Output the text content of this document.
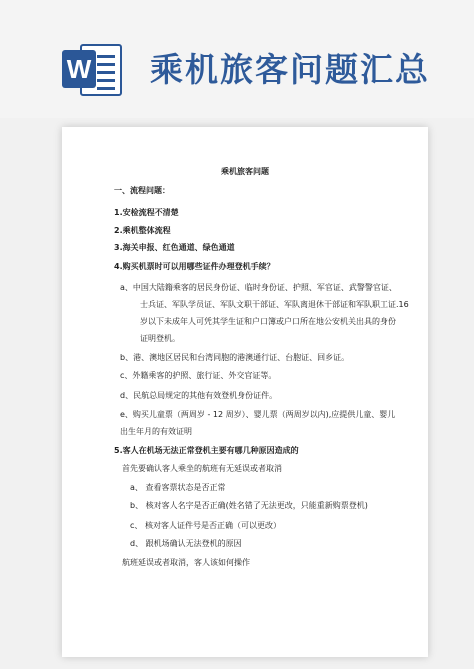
W 乘机旅客问题汇总
乘机旅客问题
一、流程问题：
1.安检流程不清楚
2.乘机整体流程
3.海关申报、红色通道、绿色通道
4.购买机票时可以用哪些证件办理登机手续？
a、中国大陆籍乘客的居民身份证、临时身份证、护照、军官证、武警警官证、
士兵证、军队学员证、军队文职干部证、军队离退休干部证和军队职工证.16
岁以下未成年人可凭其学生证和户口簿或户口所在地公安机关出具的身份
证明登机。
b、港、澳地区居民和台湾同胞的港澳通行证、台胞证、回乡证。
c、外籍乘客的护照、旅行证、外交官证等。
d、民航总局规定的其他有效登机身份证件。
e、购买儿童票（两周岁 - 12 周岁）、婴儿票（两周岁以内),应提供儿童、婴儿
出生年月的有效证明
5.客人在机场无法正常登机主要有哪几种原因造成的
首先要确认客人乘坐的航班有无延误或者取消
a、 查看客票状态是否正常
b、 核对客人名字是否正确(姓名错了无法更改，只能重新购票登机)
c、 核对客人证件号是否正确（可以更改）
d、 跟机场确认无法登机的原因
航班延误或者取消，客人该如何操作
